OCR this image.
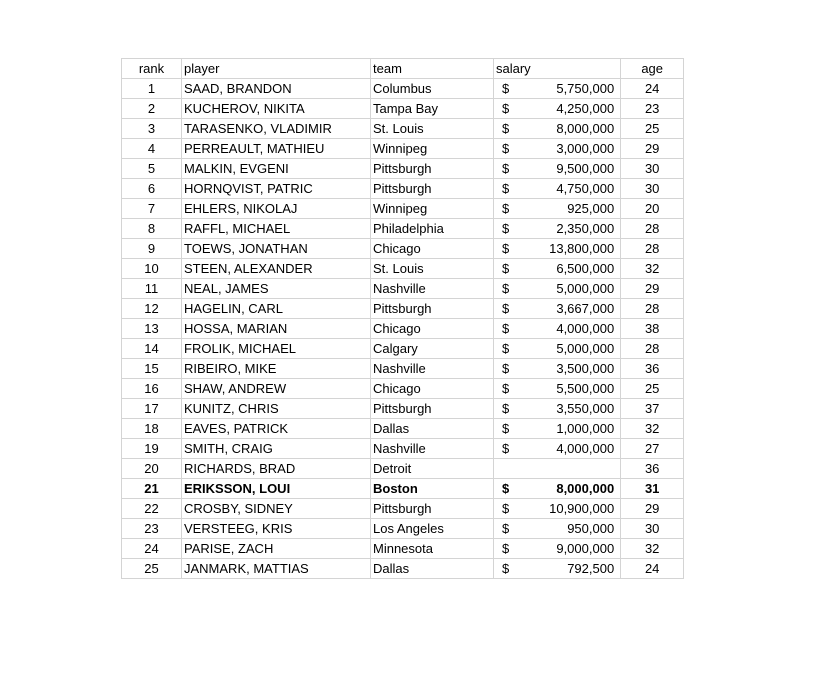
rank	player	team	salary		age
1	SAAD, BRANDON	Columbus	$	5,750,000	24
2	KUCHEROV, NIKITA	Tampa Bay	$	4,250,000	23
3	TARASENKO, VLADIMIR	St. Louis	$	8,000,000	25
4	PERREAULT, MATHIEU	Winnipeg	$	3,000,000	29
5	MALKIN, EVGENI	Pittsburgh	$	9,500,000	30
6	HORNQVIST, PATRIC	Pittsburgh	$	4,750,000	30
7	EHLERS, NIKOLAJ	Winnipeg	$	925,000	20
8	RAFFL, MICHAEL	Philadelphia	$	2,350,000	28
9	TOEWS, JONATHAN	Chicago	$	13,800,000	28
10	STEEN, ALEXANDER	St. Louis	$	6,500,000	32
11	NEAL, JAMES	Nashville	$	5,000,000	29
12	HAGELIN, CARL	Pittsburgh	$	3,667,000	28
13	HOSSA, MARIAN	Chicago	$	4,000,000	38
14	FROLIK, MICHAEL	Calgary	$	5,000,000	28
15	RIBEIRO, MIKE	Nashville	$	3,500,000	36
16	SHAW, ANDREW	Chicago	$	5,500,000	25
17	KUNITZ, CHRIS	Pittsburgh	$	3,550,000	37
18	EAVES, PATRICK	Dallas	$	1,000,000	32
19	SMITH, CRAIG	Nashville	$	4,000,000	27
20	RICHARDS, BRAD	Detroit			36
21	ERIKSSON, LOUI	Boston	$	8,000,000	31
22	CROSBY, SIDNEY	Pittsburgh	$	10,900,000	29
23	VERSTEEG, KRIS	Los Angeles	$	950,000	30
24	PARISE, ZACH	Minnesota	$	9,000,000	32
25	JANMARK, MATTIAS	Dallas	$	792,500	24
